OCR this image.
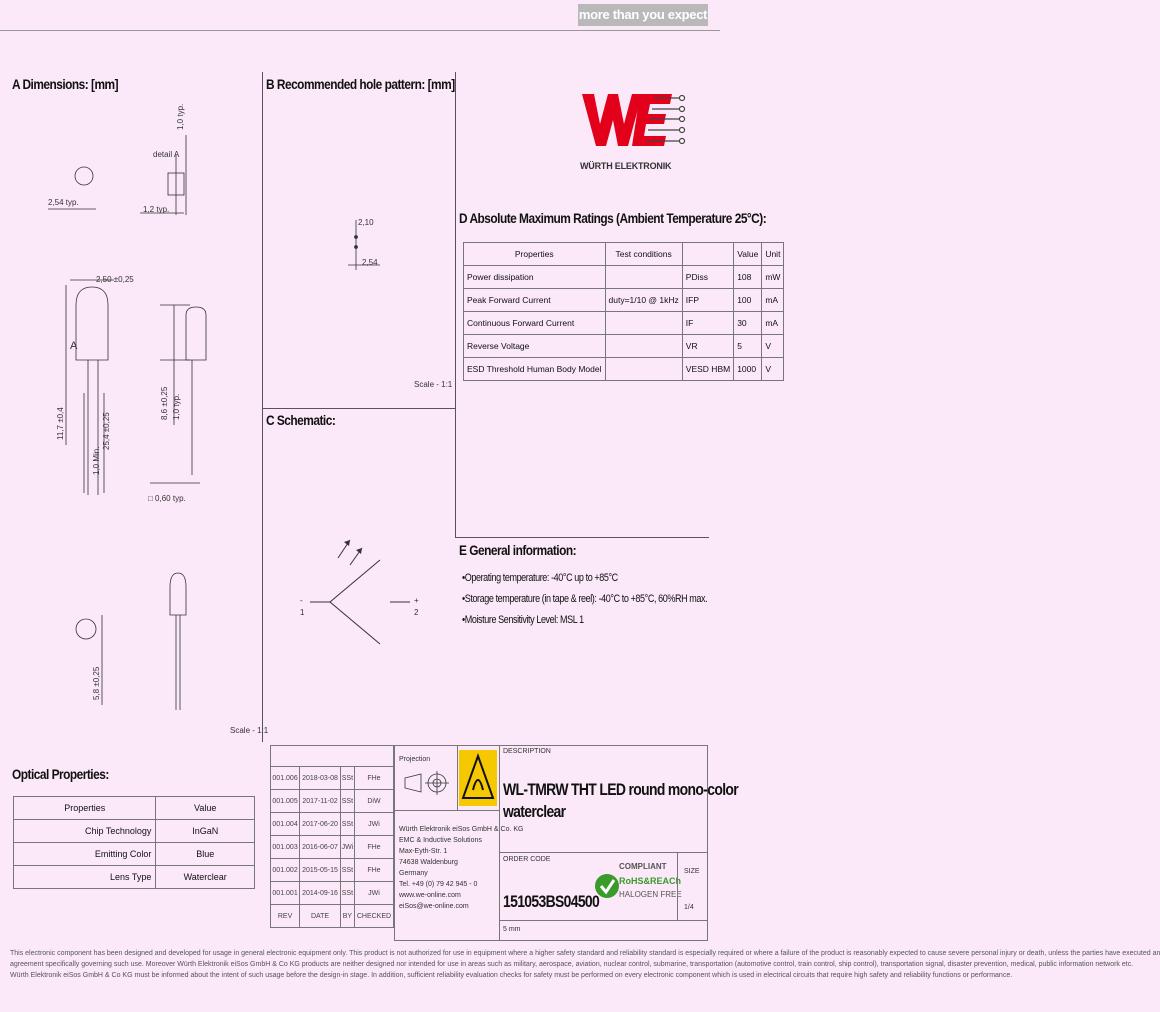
more than you expect
A Dimensions: [mm]	B Recommended hole pattern: [mm]
C Schematic:
D Absolute Maximum Ratings (Ambient Temperature 25°C):
E General information:
Optical Properties:
WÜRTH ELEKTRONIK
2,54 typ.
detail A
1,0 typ.
1,2 typ.
2,50 ±0,25
A
11,7 ±0,4
1,0 Min.
25,4 ±0,25
8,6 ±0,25 1,0 typ.
□ 0,60 typ.
5,8 ±0,25
Scale - 1:1
2,10
2,54
Scale - 1:1
-
1
+
2
Properties	Test conditions		Value	Unit
Power dissipation		PDiss	108	mW
Peak Forward Current	duty=1/10 @ 1kHz	IFP	100	mA
Continuous Forward Current		IF	30	mA
Reverse Voltage		VR	5	V
ESD Threshold Human Body Model		VESD HBM	1000	V
•Operating temperature: -40°C up to +85°C
•Storage temperature (in tape & reel): -40°C to +85°C, 60%RH max.
•Moisture Sensitivity Level: MSL 1
Properties	Value
Chip Technology	InGaN
Emitting Color	Blue
Lens Type	Waterclear

001.006	2018-03-08	SSt	FHe
001.005	2017-11-02	SSt	DiW
001.004	2017-06-20	SSt	JWi
001.003	2016-06-07	JWi	FHe
001.002	2015-05-15	SSt	FHe
001.001	2014-09-16	SSt	JWi
REV	DATE	BY	CHECKED
Projection
DESCRIPTION
WL-TMRW THT LED round mono-color
waterclear
Würth Elektronik eiSos GmbH & Co. KG
EMC & Inductive Solutions
Max-Eyth-Str. 1
74638 Waldenburg
Germany
Tel. +49 (0) 79 42 945 - 0
www.we-online.com
eiSos@we-online.com
ORDER CODE
151053BS04500
COMPLIANT
RoHS&REACh
HALOGEN FREE
SIZE
1/4
5 mm
This electronic component has been designed and developed for usage in general electronic equipment only. This product is not authorized for use in equipment where a higher safety standard and reliability standard is especially required or where a failure of the product is reasonably expected to cause severe personal injury or death, unless the parties have executed an
agreement specifically governing such use. Moreover Würth Elektronik eiSos GmbH & Co KG products are neither designed nor intended for use in areas such as military, aerospace, aviation, nuclear control, submarine, transportation (automotive control, train control, ship control), transportation signal, disaster prevention, medical, public information network etc.
Würth Elektronik eiSos GmbH & Co KG must be informed about the intent of such usage before the design-in stage. In addition, sufficient reliability evaluation checks for safety must be performed on every electronic component which is used in electrical circuits that require high safety and reliability functions or performance.
